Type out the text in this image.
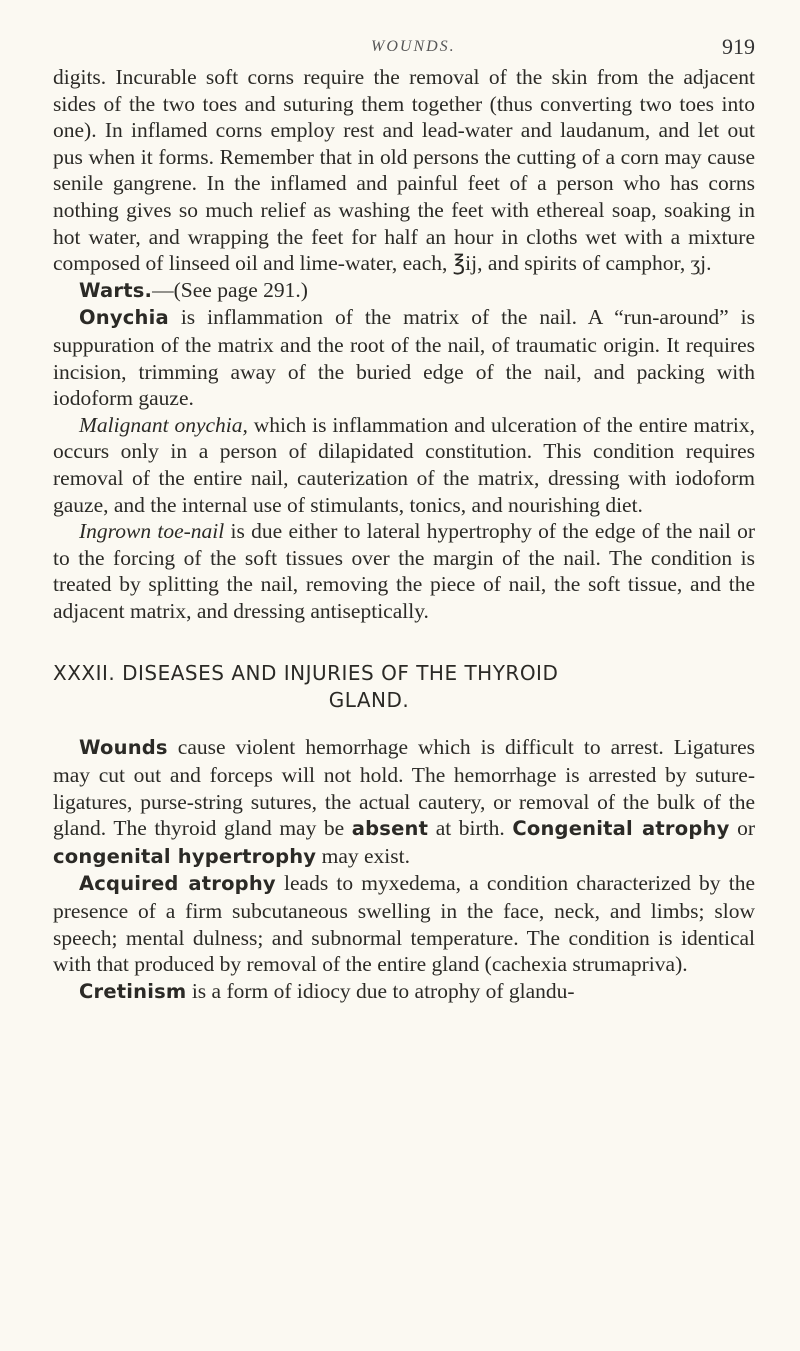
WOUNDS.	919

digits. Incurable soft corns require the removal of the skin from the adjacent sides of the two toes and suturing them together (thus converting two toes into one). In inflamed corns employ rest and lead-water and laudanum, and let out pus when it forms. Remember that in old persons the cutting of a corn may cause senile gangrene. In the inflamed and painful feet of a person who has corns nothing gives so much relief as washing the feet with ethereal soap, soaking in hot water, and wrapping the feet for half an hour in cloths wet with a mixture composed of linseed oil and lime-water, each, ℥ij, and spirits of camphor, ʒj.

Warts.—(See page 291.)

Onychia is inflammation of the matrix of the nail. A “run-around” is suppuration of the matrix and the root of the nail, of traumatic origin. It requires incision, trimming away of the buried edge of the nail, and packing with iodoform gauze.

Malignant onychia, which is inflammation and ulceration of the entire matrix, occurs only in a person of dilapidated constitution. This condition requires removal of the entire nail, cauterization of the matrix, dressing with iodoform gauze, and the internal use of stimulants, tonics, and nourishing diet.

Ingrown toe-nail is due either to lateral hypertrophy of the edge of the nail or to the forcing of the soft tissues over the margin of the nail. The condition is treated by splitting the nail, removing the piece of nail, the soft tissue, and the adjacent matrix, and dressing antiseptically.

XXXII. DISEASES AND INJURIES OF THE THYROID
GLAND.

Wounds cause violent hemorrhage which is difficult to arrest. Ligatures may cut out and forceps will not hold. The hemorrhage is arrested by suture-ligatures, purse-string sutures, the actual cautery, or removal of the bulk of the gland. The thyroid gland may be absent at birth. Congenital atrophy or congenital hypertrophy may exist.

Acquired atrophy leads to myxedema, a condition characterized by the presence of a firm subcutaneous swelling in the face, neck, and limbs; slow speech; mental dulness; and subnormal temperature. The condition is identical with that produced by removal of the entire gland (cachexia strumapriva).

Cretinism is a form of idiocy due to atrophy of glandu-
